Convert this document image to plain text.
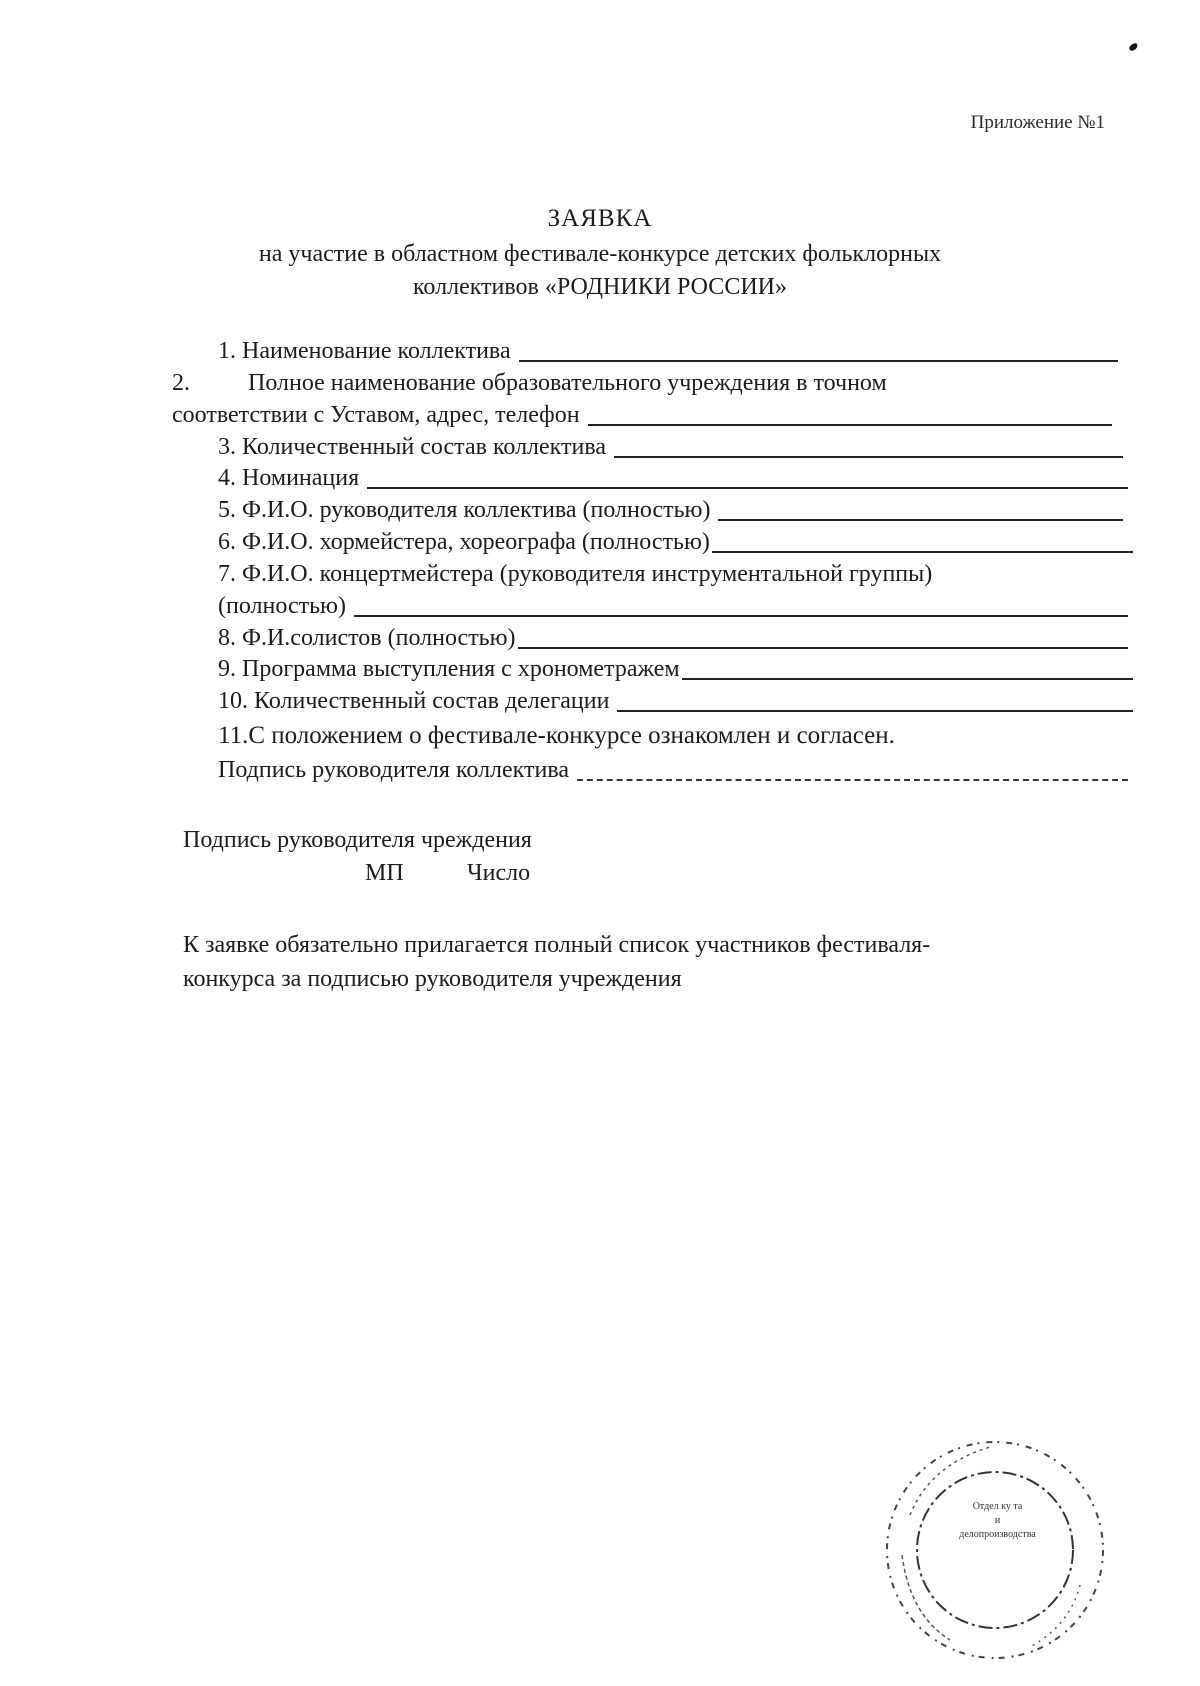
Приложение №1
ЗАЯВКА
на участие в областном фестивале-конкурсе детских фольклорных
коллективов «РОДНИКИ РОССИИ»
1. Наименование коллектива
2.	Полное наименование образовательного учреждения в точном
соответствии с Уставом, адрес, телефон
3. Количественный состав коллектива
4. Номинация
5. Ф.И.О. руководителя коллектива (полностью)
6. Ф.И.О. хормейстера, хореографа (полностью)
7. Ф.И.О. концертмейстера (руководителя инструментальной группы)
(полностью)
8. Ф.И.солистов (полностью)
9. Программа выступления с хронометражем
10. Количественный состав делегации
11.С положением о фестивале-конкурсе ознакомлен и согласен.
Подпись руководителя коллектива
Подпись руководителя чреждения
МП	Число
К заявке обязательно прилагается полный список участников фестиваля-
конкурса за подписью руководителя учреждения
Отдел ку та
и
делопроизводства
